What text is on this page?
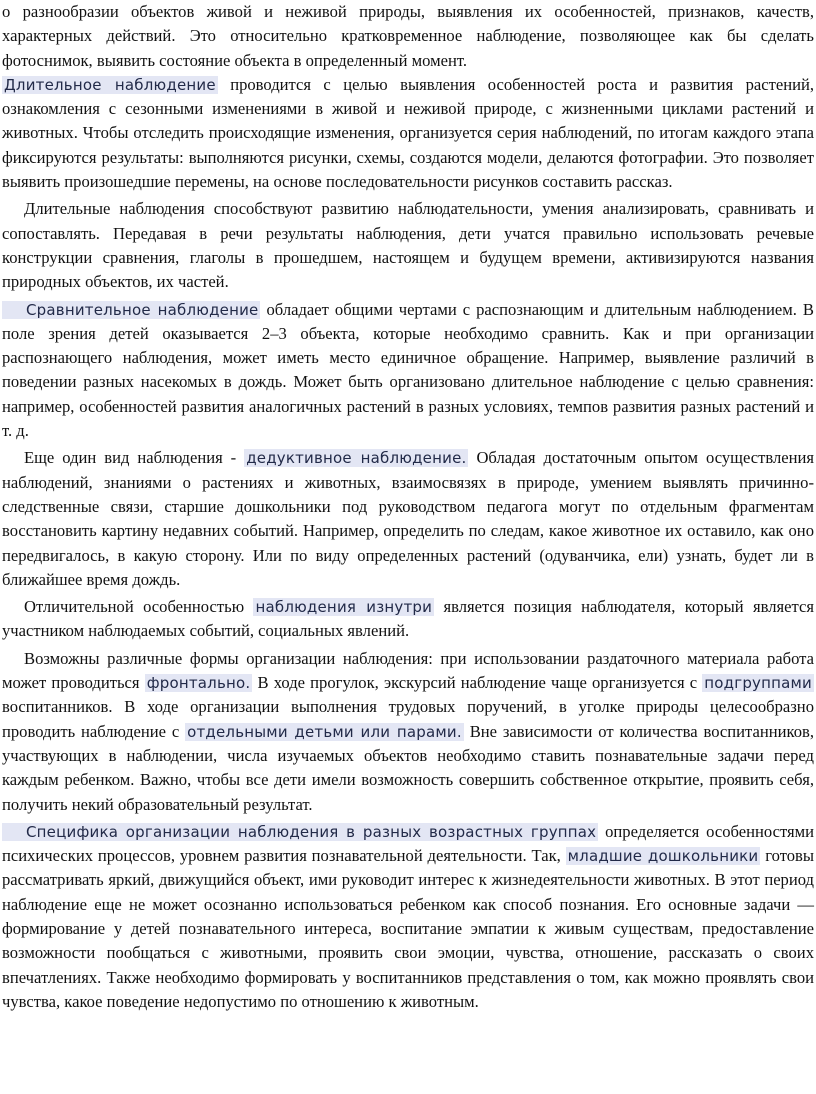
о разнообразии объектов живой и неживой природы, выявления их особенностей, признаков, качеств, характерных действий. Это относительно кратковременное наблюдение, позволяющее как бы сделать фотоснимок, выявить состояние объекта в определенный момент.

Длительное наблюдение проводится с целью выявления особенностей роста и развития растений, ознакомления с сезонными изменениями в живой и неживой природе, с жизненными циклами растений и животных. Чтобы отследить происходящие изменения, организуется серия наблюдений, по итогам каждого этапа фиксируются результаты: выполняются рисунки, схемы, создаются модели, делаются фотографии. Это позволяет выявить произошедшие перемены, на основе последовательности рисунков составить рассказ.

Длительные наблюдения способствуют развитию наблюдательности, умения анализировать, сравнивать и сопоставлять. Передавая в речи результаты наблюдения, дети учатся правильно использовать речевые конструкции сравнения, глаголы в прошедшем, настоящем и будущем времени, активизируются названия природных объектов, их частей.

Сравнительное наблюдение обладает общими чертами с распознающим и длительным наблюдением. В поле зрения детей оказывается 2–3 объекта, которые необходимо сравнить. Как и при организации распознающего наблюдения, может иметь место единичное обращение. Например, выявление различий в поведении разных насекомых в дождь. Может быть организовано длительное наблюдение с целью сравнения: например, особенностей развития аналогичных растений в разных условиях, темпов развития разных растений и т. д.

Еще один вид наблюдения - дедуктивное наблюдение. Обладая достаточным опытом осуществления наблюдений, знаниями о растениях и животных, взаимосвязях в природе, умением выявлять причинно-следственные связи, старшие дошкольники под руководством педагога могут по отдельным фрагментам восстановить картину недавних событий. Например, определить по следам, какое животное их оставило, как оно передвигалось, в какую сторону. Или по виду определенных растений (одуванчика, ели) узнать, будет ли в ближайшее время дождь.

Отличительной особенностью наблюдения изнутри является позиция наблюдателя, который является участником наблюдаемых событий, социальных явлений.

Возможны различные формы организации наблюдения: при использовании раздаточного материала работа может проводиться фронтально. В ходе прогулок, экскурсий наблюдение чаще организуется с подгруппами воспитанников. В ходе организации выполнения трудовых поручений, в уголке природы целесообразно проводить наблюдение с отдельными детьми или парами. Вне зависимости от количества воспитанников, участвующих в наблюдении, числа изучаемых объектов необходимо ставить познавательные задачи перед каждым ребенком. Важно, чтобы все дети имели возможность совершить собственное открытие, проявить себя, получить некий образовательный результат.

Специфика организации наблюдения в разных возрастных группах определяется особенностями психических процессов, уровнем развития познавательной деятельности. Так, младшие дошкольники готовы рассматривать яркий, движущийся объект, ими руководит интерес к жизнедеятельности животных. В этот период наблюдение еще не может осознанно использоваться ребенком как способ познания. Его основные задачи — формирование у детей познавательного интереса, воспитание эмпатии к живым существам, предоставление возможности пообщаться с животными, проявить свои эмоции, чувства, отношение, рассказать о своих впечатлениях. Также необходимо формировать у воспитанников представления о том, как можно проявлять свои чувства, какое поведение недопустимо по отношению к животным.
